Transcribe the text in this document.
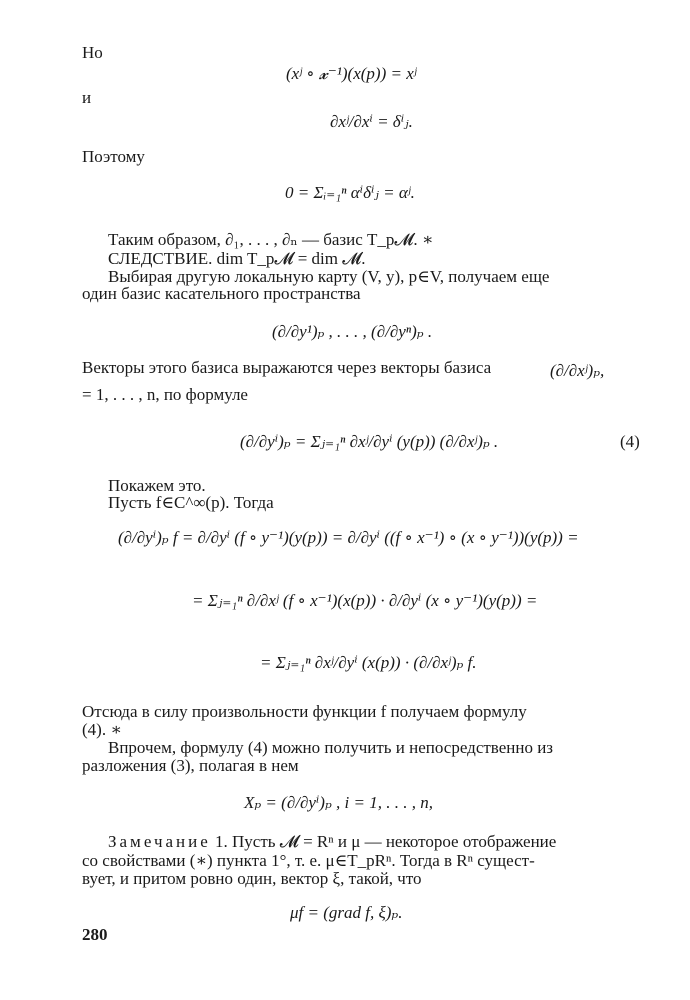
Но
(xʲ ∘ 𝔁⁻¹)(x(p)) = xʲ
и
∂xʲ/∂xⁱ = δⁱⱼ.
Поэтому
0 = Σᵢ₌₁ⁿ αⁱδⁱⱼ = αʲ.
Таким образом, ∂₁, . . . , ∂ₙ — базис T_p𝓜. ∗
СЛЕДСТВИЕ. dim T_p𝓜 = dim 𝓜.
Выбирая другую локальную карту (V, y), p∈V, получаем еще
один базис касательного пространства
(∂/∂y¹)ₚ , . . . , (∂/∂yⁿ)ₚ .
Векторы этого базиса выражаются через векторы базиса	(∂/∂xʲ)ₚ,
= 1, . . . , n, по формуле
(∂/∂yⁱ)ₚ = Σⱼ₌₁ⁿ ∂xʲ/∂yⁱ (y(p)) (∂/∂xʲ)ₚ .	(4)
Покажем это.
Пусть f∈C^∞(p). Тогда
(∂/∂yⁱ)ₚ f = ∂/∂yⁱ (f ∘ y⁻¹)(y(p)) = ∂/∂yⁱ ((f ∘ x⁻¹) ∘ (x ∘ y⁻¹))(y(p)) =
= Σⱼ₌₁ⁿ ∂/∂xʲ (f ∘ x⁻¹)(x(p)) · ∂/∂yⁱ (x ∘ y⁻¹)(y(p)) =
= Σⱼ₌₁ⁿ ∂xʲ/∂yⁱ (x(p)) · (∂/∂xʲ)ₚ f.
Отсюда в силу произвольности функции f получаем формулу
(4). ∗
Впрочем, формулу (4) можно получить и непосредственно из
разложения (3), полагая в нем
Xₚ = (∂/∂yⁱ)ₚ , i = 1, . . . , n,
Замечание 1. Пусть 𝓜 = Rⁿ и μ — некоторое отображение
со свойствами (∗) пункта 1°, т. е. μ∈T_pRⁿ. Тогда в Rⁿ сущест-
вует, и притом ровно один, вектор ξ, такой, что
μf = (grad f, ξ)ₚ.
280
